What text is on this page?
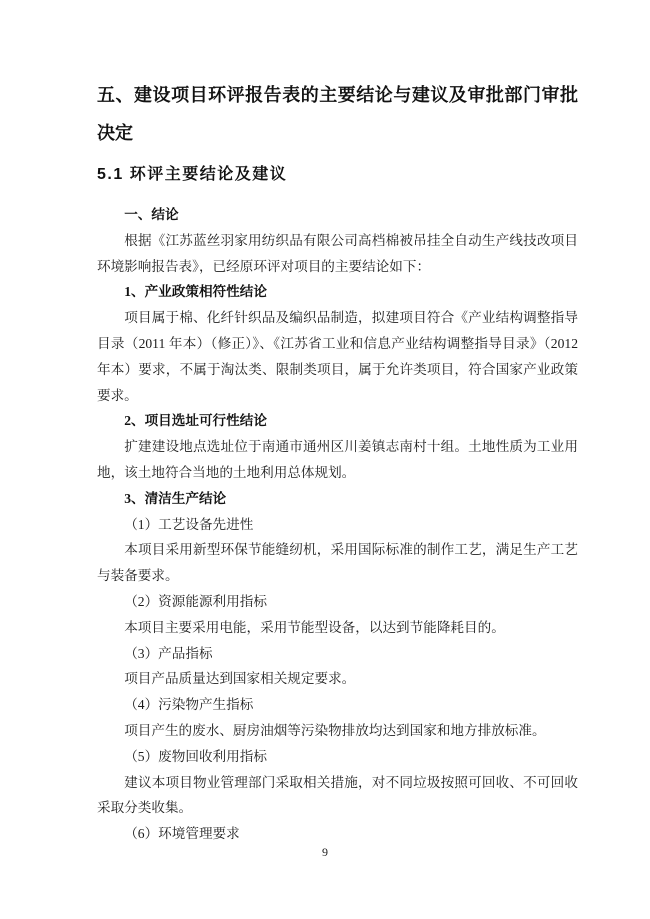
五、建设项目环评报告表的主要结论与建议及审批部门审批决定

5.1 环评主要结论及建议

一、结论

根据《江苏蓝丝羽家用纺织品有限公司高档棉被吊挂全自动生产线技改项目环境影响报告表》，已经原环评对项目的主要结论如下：

1、产业政策相符性结论

项目属于棉、化纤针织品及编织品制造，拟建项目符合《产业结构调整指导目录（2011 年本）（修正）》、《江苏省工业和信息产业结构调整指导目录》（2012 年本）要求，不属于淘汰类、限制类项目，属于允许类项目，符合国家产业政策要求。

2、项目选址可行性结论

扩建建设地点选址位于南通市通州区川姜镇志南村十组。土地性质为工业用地，该土地符合当地的土地利用总体规划。

3、清洁生产结论

（1）工艺设备先进性

本项目采用新型环保节能缝纫机，采用国际标准的制作工艺，满足生产工艺与装备要求。

（2）资源能源利用指标

本项目主要采用电能，采用节能型设备，以达到节能降耗目的。

（3）产品指标

项目产品质量达到国家相关规定要求。

（4）污染物产生指标

项目产生的废水、厨房油烟等污染物排放均达到国家和地方排放标准。

（5）废物回收利用指标

建议本项目物业管理部门采取相关措施，对不同垃圾按照可回收、不可回收采取分类收集。

（6）环境管理要求

9
